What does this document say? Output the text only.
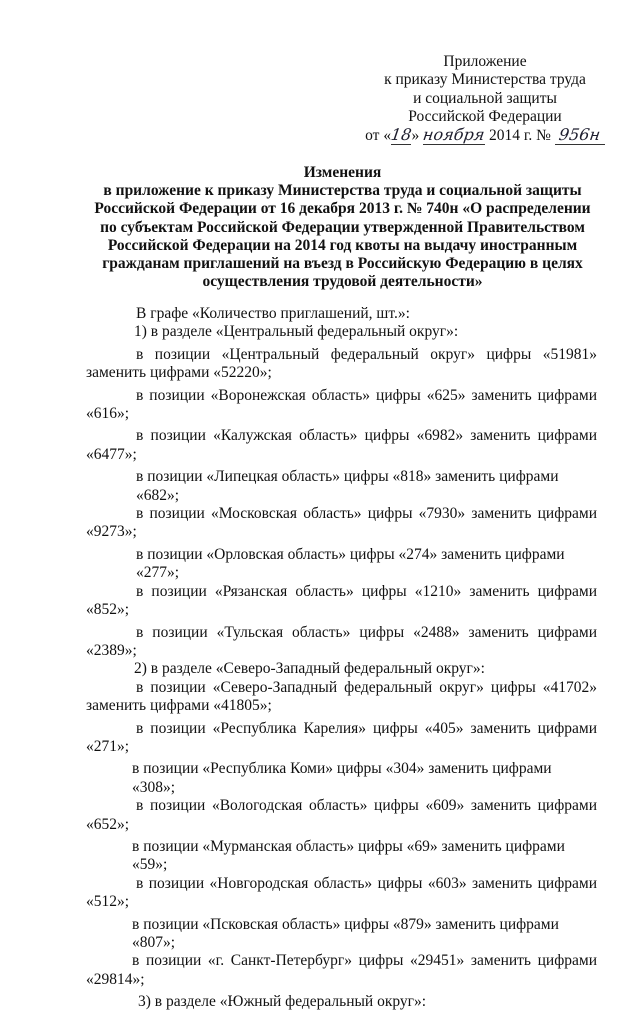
Приложение
к приказу Министерства труда
и социальной защиты
Российской Федерации
от «18» ноября 2014 г. № 956н
Изменения
в приложение к приказу Министерства труда и социальной защиты
Российской Федерации от 16 декабря 2013 г. № 740н «О распределении
по субъектам Российской Федерации утвержденной Правительством
Российской Федерации на 2014 год квоты на выдачу иностранным
гражданам приглашений на въезд в Российскую Федерацию в целях
осуществления трудовой деятельности»
В графе «Количество приглашений, шт.»:
1) в разделе «Центральный федеральный округ»:
в позиции «Центральный федеральный округ» цифры «51981»
заменить цифрами «52220»;
в позиции «Воронежская область» цифры «625» заменить цифрами
«616»;
в позиции «Калужская область» цифры «6982» заменить цифрами
«6477»;
в позиции «Липецкая область» цифры «818» заменить цифрами «682»;
в позиции «Московская область» цифры «7930» заменить цифрами
«9273»;
в позиции «Орловская область» цифры «274» заменить цифрами «277»;
в позиции «Рязанская область» цифры «1210» заменить цифрами
«852»;
в позиции «Тульская область» цифры «2488» заменить цифрами
«2389»;
2) в разделе «Северо-Западный федеральный округ»:
в позиции «Северо-Западный федеральный округ» цифры «41702»
заменить цифрами «41805»;
в позиции «Республика Карелия» цифры «405» заменить цифрами
«271»;
в позиции «Республика Коми» цифры «304» заменить цифрами «308»;
в позиции «Вологодская область» цифры «609» заменить цифрами
«652»;
в позиции «Мурманская область» цифры «69» заменить цифрами «59»;
в позиции «Новгородская область» цифры «603» заменить цифрами
«512»;
в позиции «Псковская область» цифры «879» заменить цифрами «807»;
в позиции «г. Санкт-Петербург» цифры «29451» заменить цифрами
«29814»;
3) в разделе «Южный федеральный округ»:
